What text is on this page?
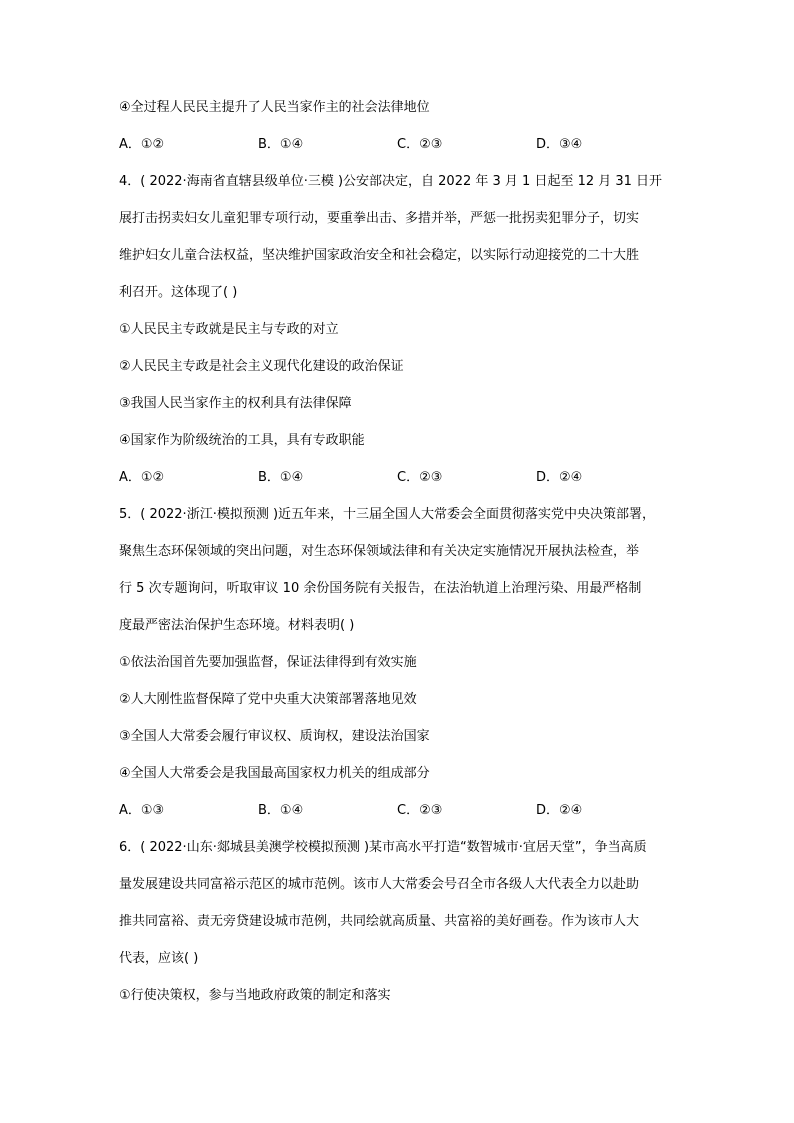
④全过程人民民主提升了人民当家作主的社会法律地位
A．①②	B．①④	C．②③	D．③④
4．( 2022·海南省直辖县级单位·三模 )公安部决定，自 2022 年 3 月 1 日起至 12 月 31 日开
展打击拐卖妇女儿童犯罪专项行动，要重拳出击、多措并举，严惩一批拐卖犯罪分子，切实
维护妇女儿童合法权益，坚决维护国家政治安全和社会稳定，以实际行动迎接党的二十大胜
利召开。这体现了( )
①人民民主专政就是民主与专政的对立
②人民民主专政是社会主义现代化建设的政治保证
③我国人民当家作主的权利具有法律保障
④国家作为阶级统治的工具，具有专政职能
A．①②	B．①④	C．②③	D．②④
5．( 2022·浙江·模拟预测 )近五年来，十三届全国人大常委会全面贯彻落实党中央决策部署，
聚焦生态环保领域的突出问题，对生态环保领域法律和有关决定实施情况开展执法检查，举
行 5 次专题询问，听取审议 10 余份国务院有关报告，在法治轨道上治理污染、用最严格制
度最严密法治保护生态环境。材料表明( )
①依法治国首先要加强监督，保证法律得到有效实施
②人大刚性监督保障了党中央重大决策部署落地见效
③全国人大常委会履行审议权、质询权，建设法治国家
④全国人大常委会是我国最高国家权力机关的组成部分
A．①③	B．①④	C．②③	D．②④
6．( 2022·山东·郯城县美澳学校模拟预测 )某市高水平打造“数智城市·宜居天堂”，争当高质
量发展建设共同富裕示范区的城市范例。该市人大常委会号召全市各级人大代表全力以赴助
推共同富裕、责无旁贷建设城市范例，共同绘就高质量、共富裕的美好画卷。作为该市人大
代表，应该( )
①行使决策权，参与当地政府政策的制定和落实
